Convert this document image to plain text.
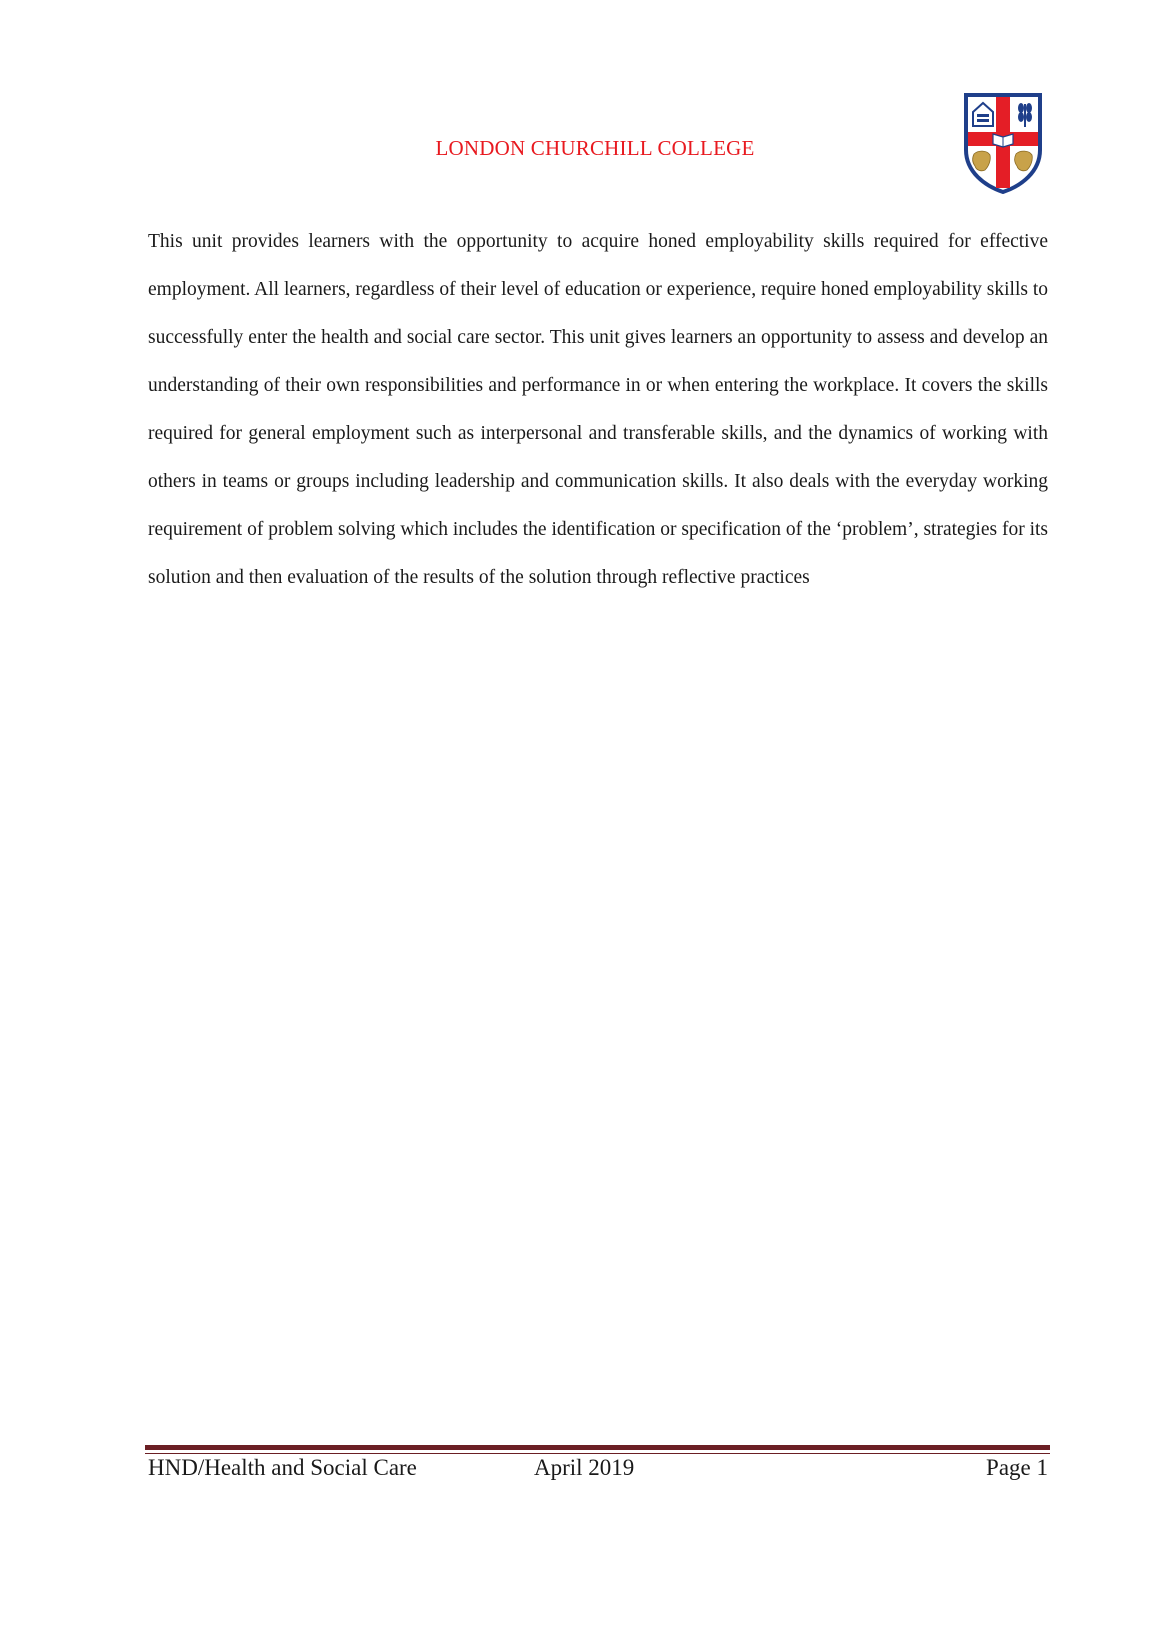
LONDON CHURCHILL COLLEGE

This unit provides learners with the opportunity to acquire honed employability skills required for effective employment. All learners, regardless of their level of education or experience, require honed employability skills to successfully enter the health and social care sector. This unit gives learners an opportunity to assess and develop an understanding of their own responsibilities and performance in or when entering the workplace. It covers the skills required for general employment such as interpersonal and transferable skills, and the dynamics of working with others in teams or groups including leadership and communication skills. It also deals with the everyday working requirement of problem solving which includes the identification or specification of the ‘problem’, strategies for its solution and then evaluation of the results of the solution through reflective practices

HND/Health and Social Care	April 2019	Page 1
